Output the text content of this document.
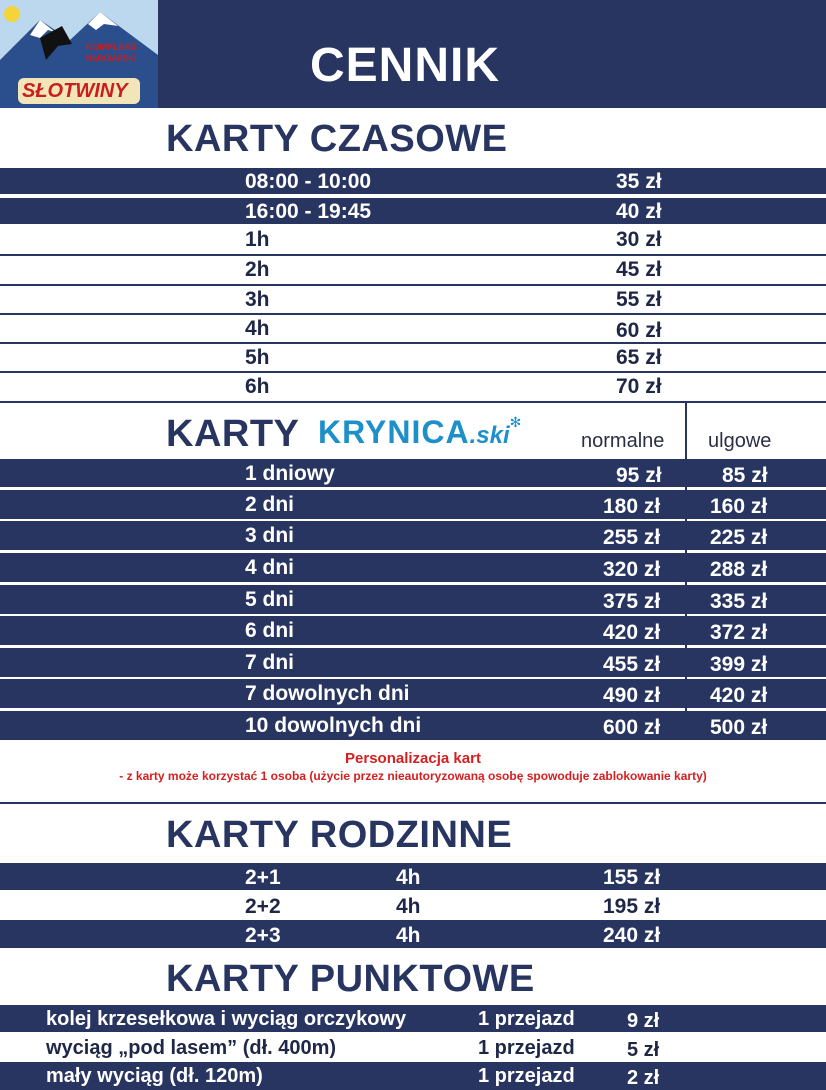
KOMPLEKS
NARCIARSKI
SŁOTWINY	CENNIK
KARTY CZASOWE
08:00 - 10:00	35 zł
16:00 - 19:45	40 zł
1h	30 zł
2h	45 zł
3h	55 zł
4h	60 zł
5h	65 zł
6h	70 zł
KARTY KRYNICA.ski✻
normalne ulgowe
1 dniowy	95 zł	85 zł
2 dni	180 zł 160 zł
3 dni	255 zł 225 zł
4 dni	320 zł 288 zł
5 dni	375 zł 335 zł
6 dni	420 zł 372 zł
7 dni	455 zł 399 zł
7 dowolnych dni	490 zł 420 zł
10 dowolnych dni	600 zł 500 zł
Personalizacja kart
- z karty może korzystać 1 osoba (użycie przez nieautoryzowaną osobę spowoduje zablokowanie karty)
KARTY RODZINNE
2+1	4h	155 zł
2+2	4h	195 zł
2+3	4h	240 zł
KARTY PUNKTOWE
kolej krzesełkowa i wyciąg orczykowy	1 przejazd	9 zł
wyciąg „pod lasem” (dł. 400m)	1 przejazd	5 zł
mały wyciąg (dł. 120m)	1 przejazd	2 zł
